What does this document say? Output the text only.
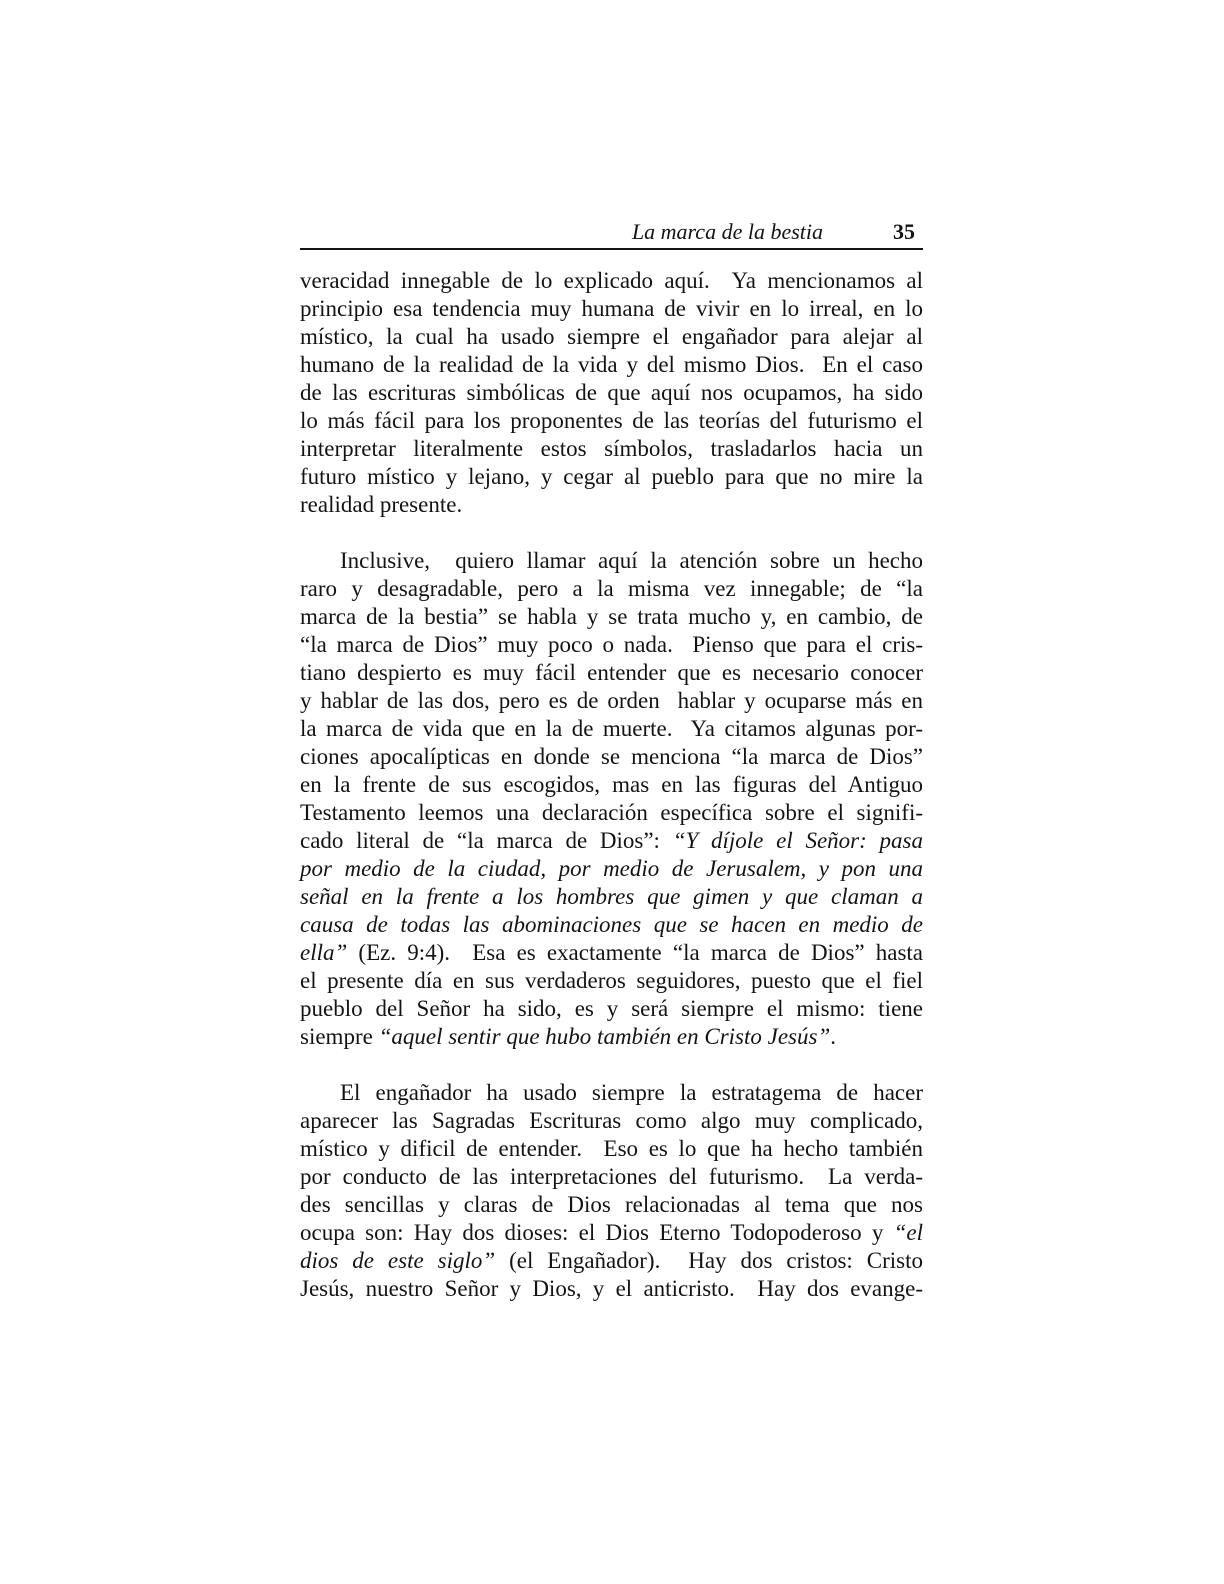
La marca de la bestia	35
veracidad innegable de lo explicado aquí.  Ya mencionamos al
principio esa tendencia muy humana de vivir en lo irreal, en lo
místico, la cual ha usado siempre el engañador para alejar al
humano de la realidad de la vida y del mismo Dios.  En el caso
de las escrituras simbólicas de que aquí nos ocupamos, ha sido
lo más fácil para los proponentes de las teorías del futurismo el
interpretar literalmente estos símbolos, trasladarlos hacia un
futuro místico y lejano, y cegar al pueblo para que no mire la
realidad presente.
Inclusive,  quiero llamar aquí la atención sobre un hecho
raro y desagradable, pero a la misma vez innegable; de “la
marca de la bestia” se habla y se trata mucho y, en cambio, de
“la marca de Dios” muy poco o nada.  Pienso que para el cris-
tiano despierto es muy fácil entender que es necesario conocer
y hablar de las dos, pero es de orden  hablar y ocuparse más en
la marca de vida que en la de muerte.  Ya citamos algunas por-
ciones apocalípticas en donde se menciona “la marca de Dios”
en la frente de sus escogidos, mas en las figuras del Antiguo
Testamento leemos una declaración específica sobre el signifi-
cado literal de “la marca de Dios”: “Y díjole el Señor: pasa
por medio de la ciudad, por medio de Jerusalem, y pon una
señal en la frente a los hombres que gimen y que claman a
causa de todas las abominaciones que se hacen en medio de
ella” (Ez. 9:4).  Esa es exactamente “la marca de Dios” hasta
el presente día en sus verdaderos seguidores, puesto que el fiel
pueblo del Señor ha sido, es y será siempre el mismo: tiene
siempre “aquel sentir que hubo también en Cristo Jesús”.
El engañador ha usado siempre la estratagema de hacer
aparecer las Sagradas Escrituras como algo muy complicado,
místico y dificil de entender.  Eso es lo que ha hecho también
por conducto de las interpretaciones del futurismo.  La verda-
des sencillas y claras de Dios relacionadas al tema que nos
ocupa son: Hay dos dioses: el Dios Eterno Todopoderoso y “el
dios de este siglo” (el Engañador).  Hay dos cristos: Cristo
Jesús, nuestro Señor y Dios, y el anticristo.  Hay dos evange-
